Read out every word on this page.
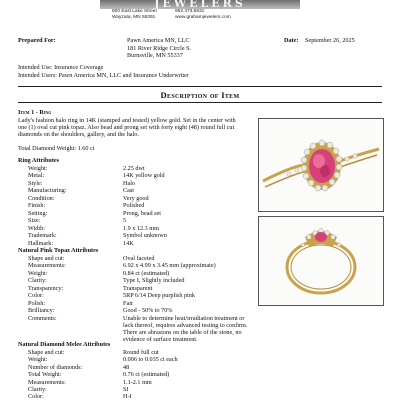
JEWELERS
800 East Lake Street
Wayzata, MN 55391
952.473.6931
www.grahamjewelers.com
Prepared For:	Pawn America MN, LLC
181 River Ridge Circle S.
Burnsville, MN 55337
Date: September 26, 2025
Intended Use: Insurance Coverage
Intended Users: Pawn America MN, LLC and Insurance Underwriter
Description of Item
Item 1 - Ring
Lady's fashion halo ring in 14K (stamped and tested) yellow gold. Set in the center with one (1) oval cut pink topaz. Also bead and prong set with forty eight (48) round full cut diamonds on the shoulders, gallery, and the halo.
Total Diamond Weight: 1.60 ct
Ring Attributes
Weight:	2.25 dwt
Metal:	14K yellow gold
Style:	Halo
Manufacturing:	Cast
Condition:	Very good
Finish:	Polished
Setting:	Prong, bead set
Size:	5
Width:	1.9 x 12.3 mm
Trademark:	Symbol unknown
Hallmark:	14K
Natural Pink Topaz Attributes
Shape and cut:	Oval faceted
Measurements:	6.92 x 4.99 x 3.45 mm (approximate)
Weight:	0.84 ct (estimated)
Clarity:	Type I, Slightly included
Transparency:	Transparent
Color:	5RP 6/14 Deep purplish pink
Polish:	Fair
Brilliancy:	Good - 50% to 70%
Comments:	Unable to determine heat/irradiation treatment or lack thereof, requires advanced testing to confirm. There are abrasions on the table of the stone, no evidence of surface treatment.
Natural Diamond Melee Attributes
Shape and cut:	Round full cut
Weight:	0.006 to 0.035 ct each
Number of diamonds:	48
Total Weight:	0.76 ct (estimated)
Measurements:	1.1-2.1 mm
Clarity:	SI
Color:	H-I
